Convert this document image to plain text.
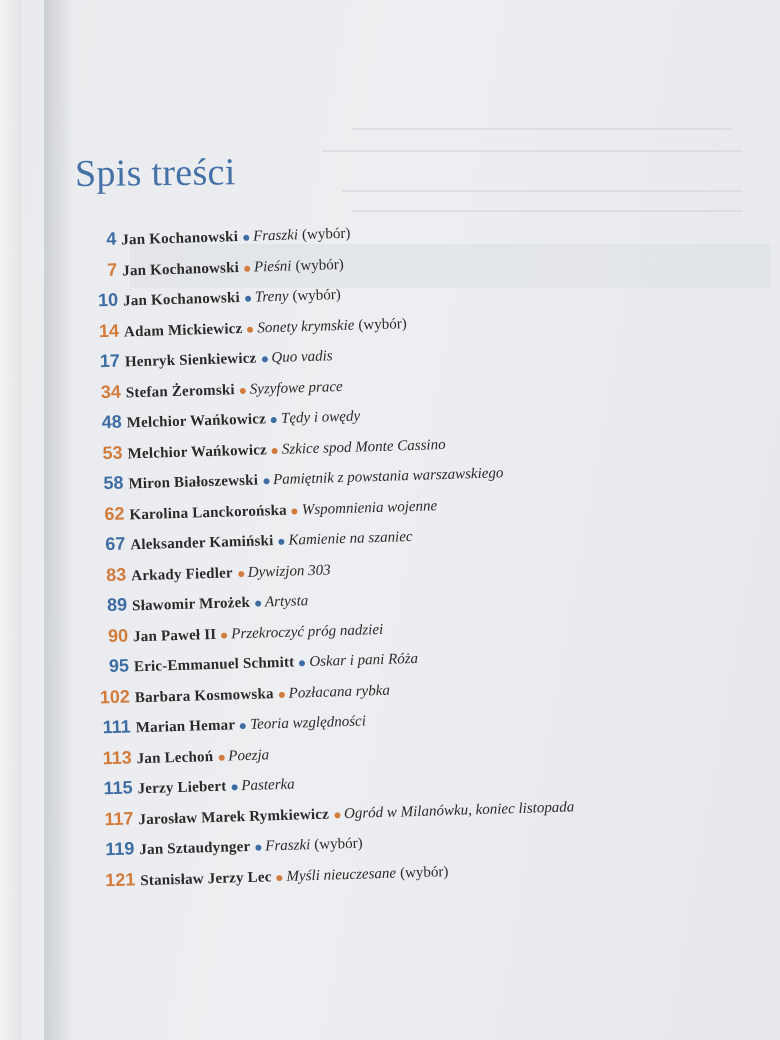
Spis treści
4 Jan Kochanowski Fraszki (wybór)
7 Jan Kochanowski Pieśni (wybór)
10 Jan Kochanowski Treny (wybór)
14 Adam Mickiewicz Sonety krymskie (wybór)
17 Henryk Sienkiewicz Quo vadis
34 Stefan Żeromski Syzyfowe prace
48 Melchior Wańkowicz Tędy i owędy
53 Melchior Wańkowicz Szkice spod Monte Cassino
58 Miron Białoszewski Pamiętnik z powstania warszawskiego
62 Karolina Lanckorońska Wspomnienia wojenne
67 Aleksander Kamiński Kamienie na szaniec
83 Arkady Fiedler Dywizjon 303
89 Sławomir Mrożek Artysta
90 Jan Paweł II Przekroczyć próg nadziei
95 Eric-Emmanuel Schmitt Oskar i pani Róża
102 Barbara Kosmowska Pozłacana rybka
111 Marian Hemar Teoria względności
113 Jan Lechoń Poezja
115 Jerzy Liebert Pasterka
117 Jarosław Marek Rymkiewicz Ogród w Milanówku, koniec listopada
119 Jan Sztaudynger Fraszki (wybór)
121 Stanisław Jerzy Lec Myśli nieuczesane (wybór)
